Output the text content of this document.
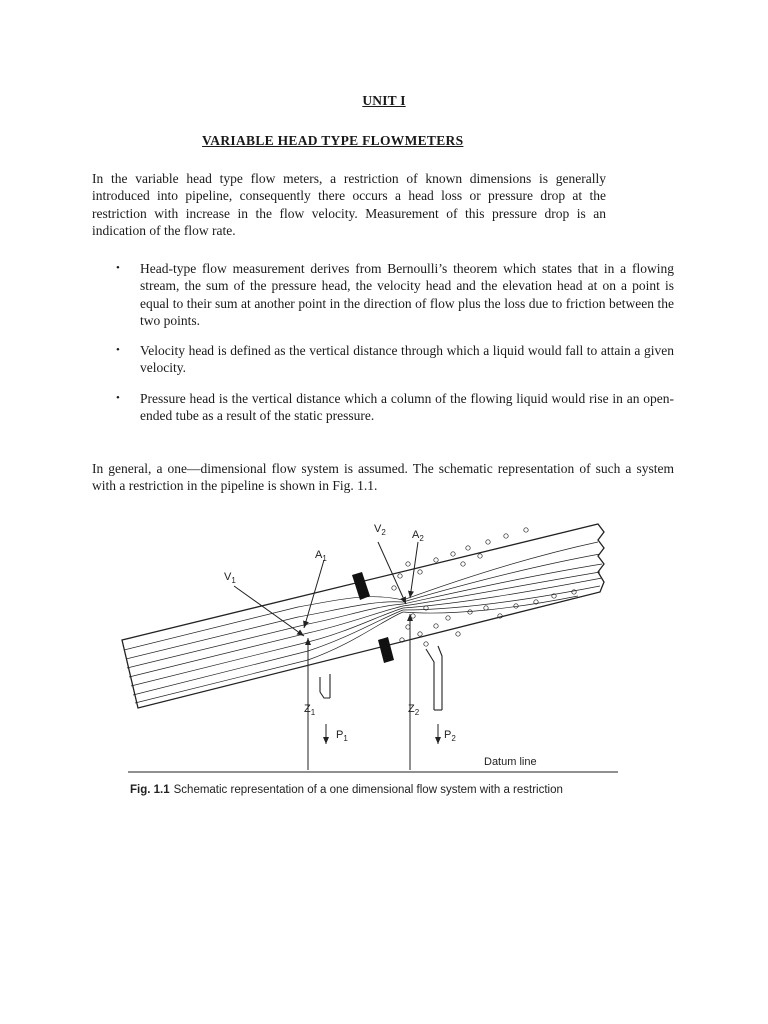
UNIT I
VARIABLE HEAD TYPE FLOWMETERS

In the variable head type flow meters, a restriction of known dimensions is generally introduced into pipeline, consequently there occurs a head loss or pressure drop at the restriction with increase in the flow velocity. Measurement of this pressure drop is an indication of the flow rate.

• Head-type flow measurement derives from Bernoulli’s theorem which states that in a flowing stream, the sum of the pressure head, the velocity head and the elevation head at on a point is equal to their sum at another point in the direction of flow plus the loss due to friction between the two points.
• Velocity head is defined as the vertical distance through which a liquid would fall to attain a given velocity.
• Pressure head is the vertical distance which a column of the flowing liquid would rise in an open-ended tube as a result of the static pressure.

In general, a one—dimensional flow system is assumed. The schematic representation of such a system with a restriction in the pipeline is shown in Fig. 1.1.

$A_1$
$A_2$
$V_1$
$V_2$
$Z_1$	$Z_2$
$P_1$	$P_2$
Datum line
Fig. 1.1 Schematic representation of a one dimensional flow system with a restriction
